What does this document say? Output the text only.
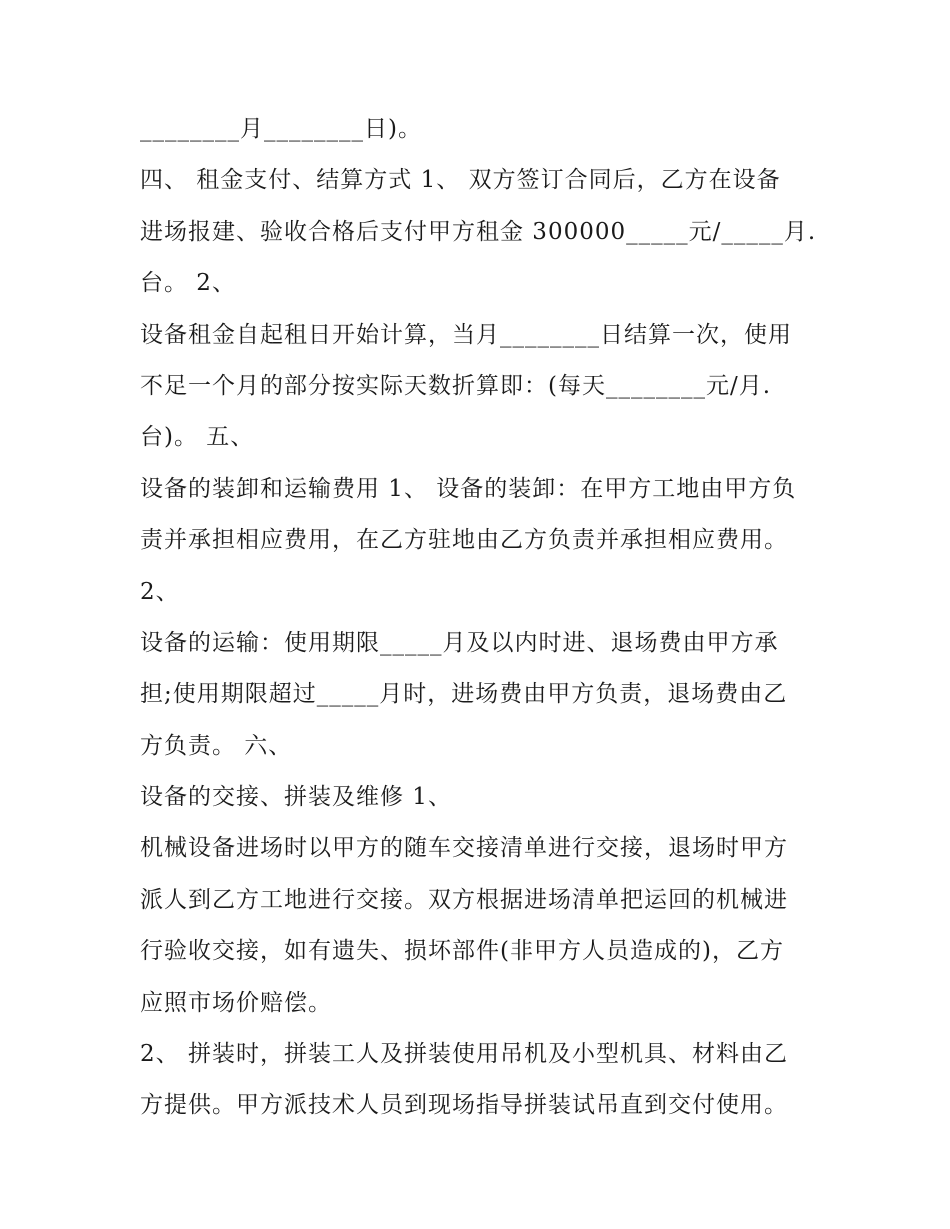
________月________日)。
四、 租金支付、结算方式 1、 双方签订合同后，乙方在设备
进场报建、验收合格后支付甲方租金 300000_____元/_____月.
台。 2、
设备租金自起租日开始计算，当月________日结算一次，使用
不足一个月的部分按实际天数折算即：(每天________元/月.
台)。 五、
设备的装卸和运输费用 1、 设备的装卸：在甲方工地由甲方负
责并承担相应费用，在乙方驻地由乙方负责并承担相应费用。
2、
设备的运输：使用期限_____月及以内时进、退场费由甲方承
担;使用期限超过_____月时，进场费由甲方负责，退场费由乙
方负责。 六、
设备的交接、拼装及维修 1、
机械设备进场时以甲方的随车交接清单进行交接，退场时甲方
派人到乙方工地进行交接。双方根据进场清单把运回的机械进
行验收交接，如有遗失、损坏部件(非甲方人员造成的)，乙方
应照市场价赔偿。
2、 拼装时，拼装工人及拼装使用吊机及小型机具、材料由乙
方提供。甲方派技术人员到现场指导拼装试吊直到交付使用。
